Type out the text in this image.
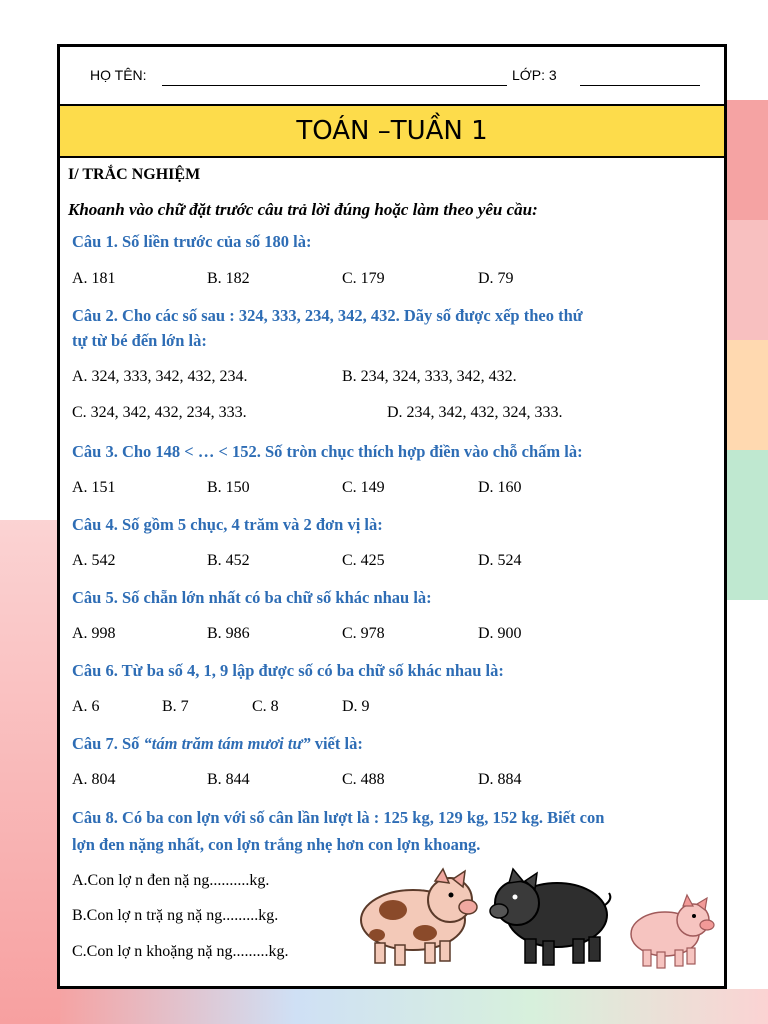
HỌ TÊN:	LỚP: 3
TOÁN –TUẦN 1
I/ TRẮC NGHIỆM
Khoanh vào chữ đặt trước câu trả lời đúng hoặc làm theo yêu cầu:
Câu 1. Số liền trước của số 180 là:
A. 181	B. 182	C. 179	D. 79
Câu 2. Cho các số sau : 324, 333, 234, 342, 432. Dãy số được xếp theo thứ
tự từ bé đến lớn là:
A. 324, 333, 342, 432, 234.	B. 234, 324, 333, 342, 432.
C. 324, 342, 432, 234, 333.	D. 234, 342, 432, 324, 333.
Câu 3. Cho 148 < … < 152. Số tròn chục thích hợp điền vào chỗ chấm là:
A. 151	B. 150	C. 149	D. 160
Câu 4. Số gồm 5 chục, 4 trăm và 2 đơn vị là:
A. 542	B. 452	C. 425	D. 524
Câu 5. Số chẵn lớn nhất có ba chữ số khác nhau là:
A. 998	B. 986	C. 978	D. 900
Câu 6. Từ ba số 4, 1, 9 lập được số có ba chữ số khác nhau là:
A. 6	B. 7	C. 8	D. 9
Câu 7. Số “tám trăm tám mươi tư” viết là:
A. 804	B. 844	C. 488	D. 884
Câu 8. Có ba con lợn với số cân lần lượt là : 125 kg, 129 kg, 152 kg. Biết con
lợn đen nặng nhất, con lợn trắng nhẹ hơn con lợn khoang.
A.Con lợ n đen nặ ng..........kg.
B.Con lợ n trặ ng nặ ng.........kg.
C.Con lợ n khoặng nặ ng.........kg.
